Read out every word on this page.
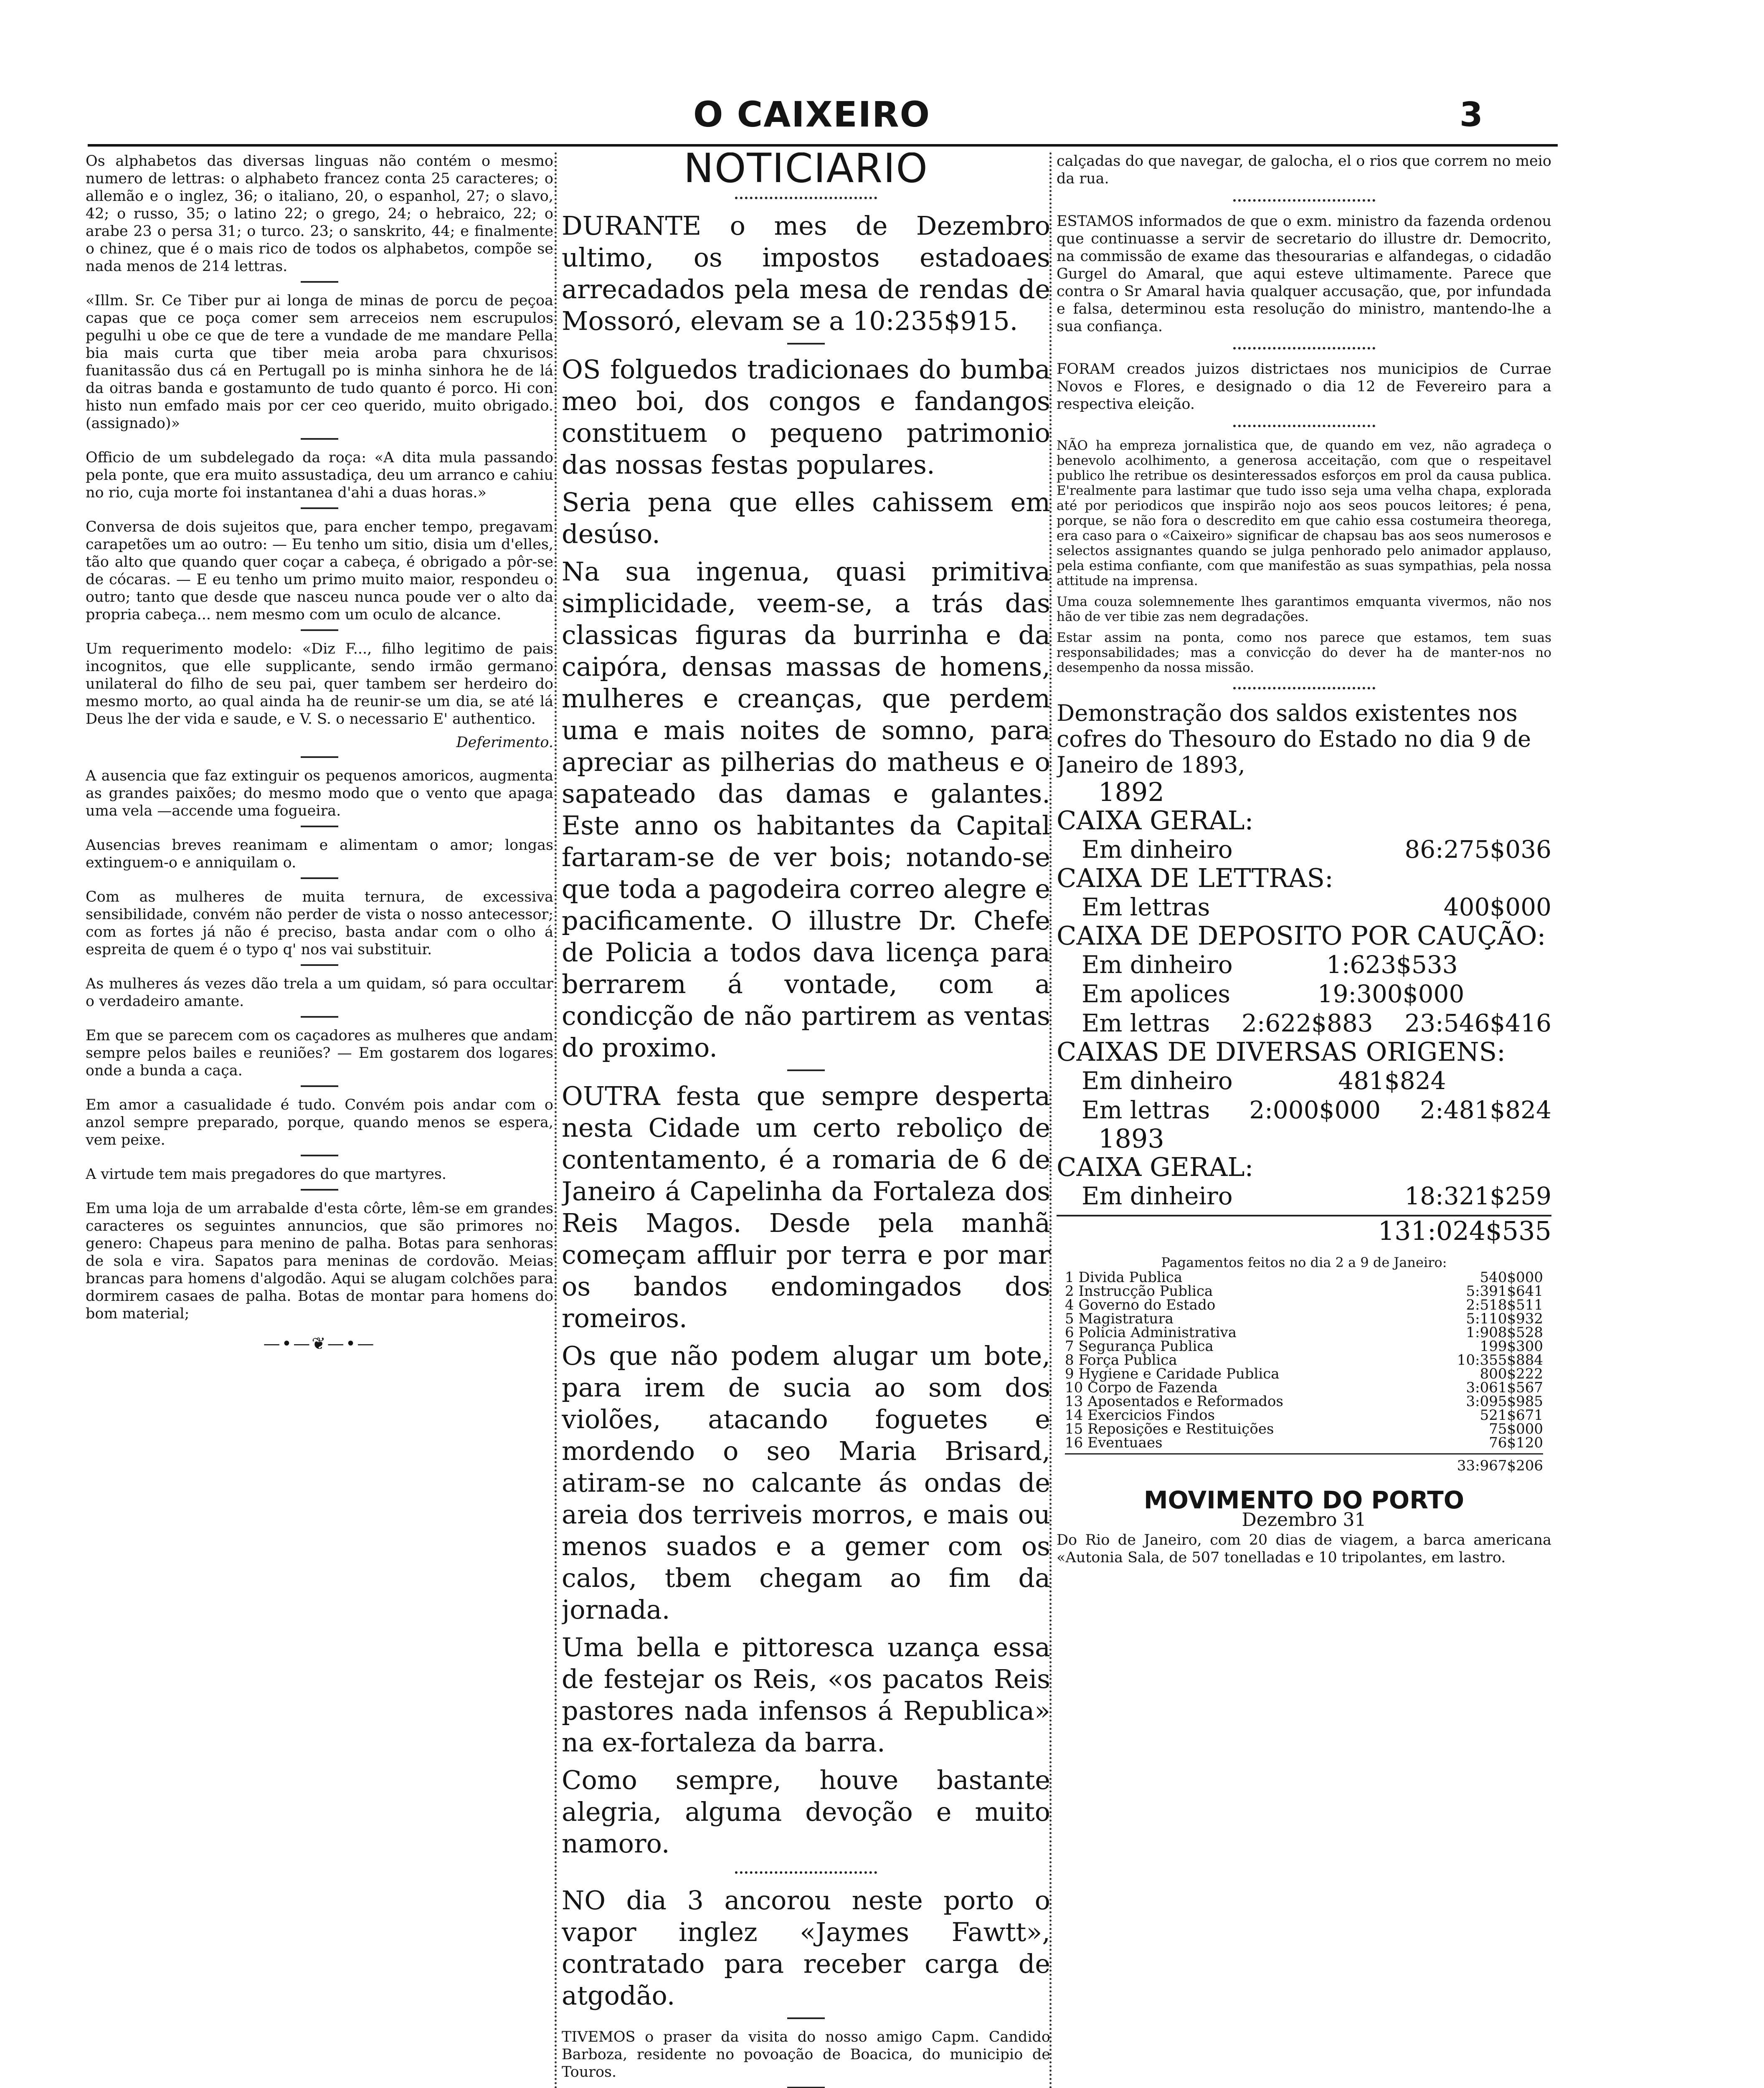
O CAIXEIRO	3

Os alphabetos das diversas linguas não contém o mesmo numero de lettras: o alphabeto francez conta 25 caracteres; o allemão e o inglez, 36; o italiano, 20, o espanhol, 27; o slavo, 42; o russo, 35; o latino 22; o grego, 24; o hebraico, 22; o arabe 23 o persa 31; o turco. 23; o sanskrito, 44; e finalmente o chinez, que é o mais rico de todos os alphabetos, compõe se nada menos de 214 lettras.

«Illm. Sr. Ce Tiber pur ai longa de minas de porcu de peçoa capas que ce poça comer sem arreceios nem escrupulos pegulhi u obe ce que de tere a vundade de me mandare Pella bia mais curta que tiber meia aroba para chxurisos fuanitassão dus cá en Pertugall po is minha sinhora he de lá da oitras banda e gostamunto de tudo quanto é porco. Hi con histo nun emfado mais por cer ceo querido, muito obrigado. (assignado)»

Officio de um subdelegado da roça: «A dita mula passando pela ponte, que era muito assustadiça, deu um arranco e cahiu no rio, cuja morte foi instantanea d'ahi a duas horas.»

Conversa de dois sujeitos que, para encher tempo, pregavam carapetões um ao outro: — Eu tenho um sitio, disia um d'elles, tão alto que quando quer coçar a cabeça, é obrigado a pôr-se de cócaras. — E eu tenho um primo muito maior, respondeu o outro; tanto que desde que nasceu nunca poude ver o alto da propria cabeça... nem mesmo com um oculo de alcance.

Um requerimento modelo: «Diz F..., filho legitimo de pais incognitos, que elle supplicante, sendo irmão germano unilateral do filho de seu pai, quer tambem ser herdeiro do mesmo morto, ao qual ainda ha de reunir-se um dia, se até lá Deus lhe der vida e saude, e V. S. o necessario E' authentico.

Deferimento.

A ausencia que faz extinguir os pequenos amoricos, augmenta as grandes paixões; do mesmo modo que o vento que apaga uma vela —accende uma fogueira.

Ausencias breves reanimam e alimentam o amor; longas extinguem-o e anniquilam o.

Com as mulheres de muita ternura, de excessiva sensibilidade, convém não perder de vista o nosso antecessor; com as fortes já não é preciso, basta andar com o olho á espreita de quem é o typo q' nos vai substituir.

As mulheres ás vezes dão trela a um quidam, só para occultar o verdadeiro amante.

Em que se parecem com os caçadores as mulheres que andam sempre pelos bailes e reuniões? — Em gostarem dos logares onde a bunda a caça.

Em amor a casualidade é tudo. Convém pois andar com o anzol sempre preparado, porque, quando menos se espera, vem peixe.

A virtude tem mais pregadores do que martyres.

Em uma loja de um arrabalde d'esta côrte, lêm-se em grandes caracteres os seguintes annuncios, que são primores no genero: Chapeus para menino de palha. Botas para senhoras de sola e vira. Sapatos para meninas de cordovão. Meias brancas para homens d'algodão. Aqui se alugam colchões para dormirem casaes de palha. Botas de montar para homens do bom material;

—•—❦—•—
NOTICIARIO

DURANTE o mes de Dezembro ultimo, os impostos estadoaes arrecadados pela mesa de rendas de Mossoró, elevam se a 10:235$915.

OS folguedos tradicionaes do bumba meo boi, dos congos e fandangos constituem o pequeno patrimonio das nossas festas populares.

Seria pena que elles cahissem em desúso.

Na sua ingenua, quasi primitiva simplicidade, veem-se, a trás das classicas figuras da burrinha e da caipóra, densas massas de homens, mulheres e creanças, que perdem uma e mais noites de somno, para apreciar as pilherias do matheus e o sapateado das damas e galantes. Este anno os habitantes da Capital fartaram-se de ver bois; notando-se que toda a pagodeira correo alegre e pacificamente. O illustre Dr. Chefe de Policia a todos dava licença para berrarem á vontade, com a condicção de não partirem as ventas do proximo.

OUTRA festa que sempre desperta nesta Cidade um certo reboliço de contentamento, é a romaria de 6 de Janeiro á Capelinha da Fortaleza dos Reis Magos. Desde pela manhã começam affluir por terra e por mar os bandos endomingados dos romeiros.

Os que não podem alugar um bote, para irem de sucia ao som dos violões, atacando foguetes e mordendo o seo Maria Brisard, atiram-se no calcante ás ondas de areia dos terriveis morros, e mais ou menos suados e a gemer com os calos, tbem chegam ao fim da jornada.

Uma bella e pittoresca uzança essa de festejar os Reis, «os pacatos Reis pastores nada infensos á Republica» na ex-fortaleza da barra.

Como sempre, houve bastante alegria, alguma devoção e muito namoro.

NO dia 3 ancorou neste porto o vapor inglez «Jaymes Fawtt», contratado para receber carga de atgodão.

TIVEMOS o praser da visita do nosso amigo Capm. Candido Barboza, residente no povoação de Boacica, do municipio de Touros.

calçadas do que navegar, de galocha, el o rios que correm no meio da rua.

ESTAMOS informados de que o exm. ministro da fazenda ordenou que continuasse a servir de secretario do illustre dr. Democrito, na commissão de exame das thesourarias e alfandegas, o cidadão Gurgel do Amaral, que aqui esteve ultimamente. Parece que contra o Sr Amaral havia qualquer accusação, que, por infundada e falsa, determinou esta resolução do ministro, mantendo-lhe a sua confiança.

FORAM creados juizos districtaes nos municipios de Currae Novos e Flores, e designado o dia 12 de Fevereiro para a respectiva eleição.

NÃO ha empreza jornalistica que, de quando em vez, não agradeça o benevolo acolhimento, a generosa acceitação, com que o respeitavel publico lhe retribue os desinteressados esforços em prol da causa publica. E'realmente para lastimar que tudo isso seja uma velha chapa, explorada até por periodicos que inspirão nojo aos seos poucos leitores; é pena, porque, se não fora o descredito em que cahio essa costumeira theorega, era caso para o «Caixeiro» significar de chapsau bas aos seos numerosos e selectos assignantes quando se julga penhorado pelo animador applauso, pela estima confiante, com que manifestão as suas sympathias, pela nossa attitude na imprensa.

Uma couza solemnemente lhes garantimos emquanta vivermos, não nos hão de ver tibie zas nem degradações.

Estar assim na ponta, como nos parece que estamos, tem suas responsabilidades; mas a convicção do dever ha de manter-nos no desempenho da nossa missão.

Demonstração dos saldos existentes nos cofres do Thesouro do Estado no dia 9 de Janeiro de 1893,
1892
CAIXA GERAL:
Em dinheiro	86:275$036
CAIXA DE LETTRAS:
Em lettras	400$000
CAIXA DE DEPOSITO POR CAUÇÃO:
Em dinheiro	1:623$533
Em apolices	19:300$000
Em lettras 2:622$883 23:546$416
CAIXAS DE DIVERSAS ORIGENS:
Em dinheiro	481$824
Em lettras 2:000$000 2:481$824
1893
CAIXA GERAL:
Em dinheiro	18:321$259
131:024$535
Pagamentos feitos no dia 2 a 9 de Janeiro:
1 Divida Publica	540$000
2 Instrucção Publica	5:391$641
4 Governo do Estado	2:518$511
5 Magistratura	5:110$932
6 Policia Administrativa	1:908$528
7 Segurança Publica	199$300
8 Força Publica	10:355$884
9 Hygiene e Caridade Publica	800$222
10 Corpo de Fazenda	3:061$567
13 Aposentados e Reformados	3:095$985
14 Exercicios Findos	521$671
15 Reposições e Restituições	75$000
16 Eventuaes	76$120
33:967$206
MOVIMENTO DO PORTO
Dezembro 31

Do Rio de Janeiro, com 20 dias de viagem, a barca americana «Autonia Sala, de 507 tonelladas e 10 tripolantes, em lastro.
